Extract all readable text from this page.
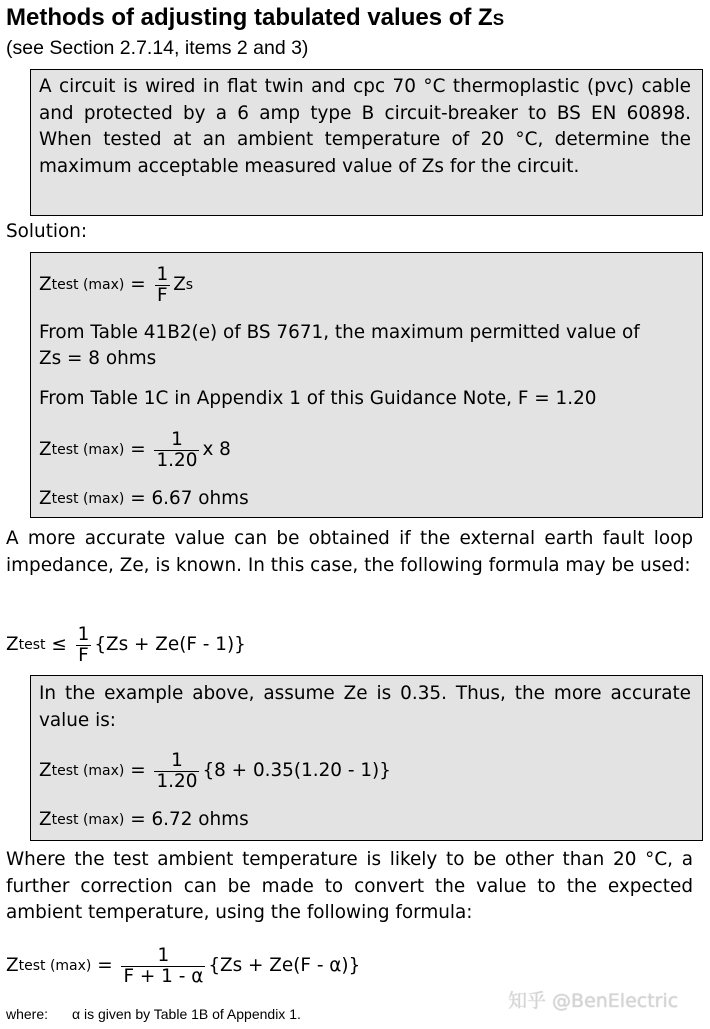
Methods of adjusting tabulated values of ZS
(see Section 2.7.14, items 2 and 3)

A circuit is wired in flat twin and cpc 70 °C thermoplastic (pvc) cable and protected by a 6 amp type B circuit-breaker to BS EN 60898. When tested at an ambient temperature of 20 °C, determine the maximum acceptable measured value of Zs for the circuit.

Solution:
Z test $(\max) = \frac{1}{F}$ Z s
From Table 41B2(e) of BS 7671, the maximum permitted value of
Zs = 8 ohms
From Table 1C in Appendix 1 of this Guidance Note, F = 1.20
Z test $(\max) = \frac{1}{1.20}$ x 8
Z test (max) = 6.67 ohms

A more accurate value can be obtained if the external earth fault loop impedance, Ze, is known. In this case, the following formula may be used:

Z test ≤ $\frac{1}{F} \{Zs + Ze(F - 1)\}$

In the example above, assume Ze is 0.35. Thus, the more accurate value is:

Z test $(\max) = \frac{1}{1.20} \{8 + 0.35(1.20 - 1)\}$
Z test (max) = 6.72 ohms

Where the test ambient temperature is likely to be other than 20 °C, a further correction can be made to convert the value to the expected ambient temperature, using the following formula:

Z test $(\max) = \frac{1}{F + 1 - \alpha} \{Zs + Ze(F - \alpha)\}$
where: α is given by Table 1B of Appendix 1.
知乎 @BenElectric
